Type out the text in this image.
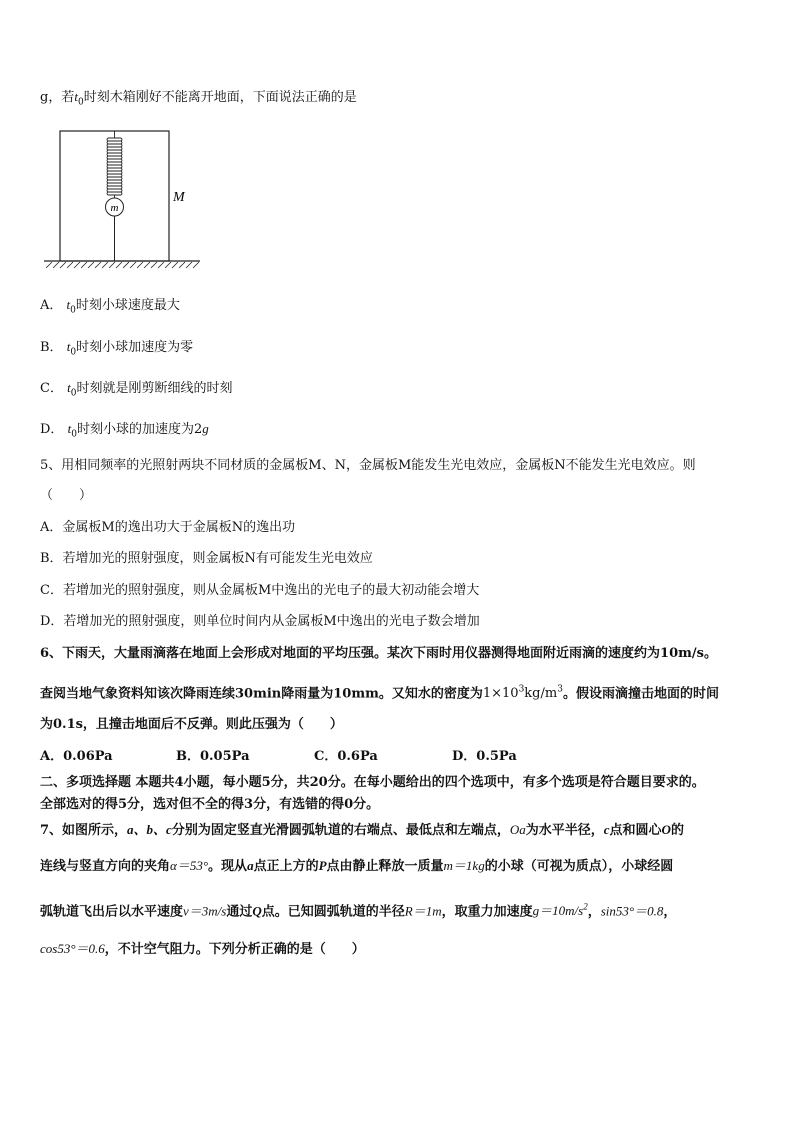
g，若$t_0$时刻木箱刚好不能离开地面，下面说法正确的是
m
M
A． $t_0$时刻小球速度最大
B． $t_0$时刻小球加速度为零
C． $t_0$时刻就是刚剪断细线的时刻
D． $t_0$时刻小球的加速度为2g
5、用相同频率的光照射两块不同材质的金属板M、N，金属板M能发生光电效应，金属板N不能发生光电效应。则
（　　）
A．金属板M的逸出功大于金属板N的逸出功
B．若增加光的照射强度，则金属板N有可能发生光电效应
C．若增加光的照射强度，则从金属板M中逸出的光电子的最大初动能会增大
D．若增加光的照射强度，则单位时间内从金属板M中逸出的光电子数会增加
6、下雨天，大量雨滴落在地面上会形成对地面的平均压强。某次下雨时用仪器测得地面附近雨滴的速度约为10m/s。
查阅当地气象资料知该次降雨连续30min降雨量为10mm。又知水的密度为$1\times 10^3kg/m^3$。假设雨滴撞击地面的时间
为0.1s，且撞击地面后不反弹。则此压强为（　　）
A．0.06Pa	B．0.05Pa	C．0.6Pa	D．0.5Pa
二、多项选择题 本题共4小题，每小题5分，共20分。在每小题给出的四个选项中，有多个选项是符合题目要求的。
全部选对的得5分，选对但不全的得3分，有选错的得0分。
7、如图所示，a、b、c分别为固定竖直光滑圆弧轨道的右端点、最低点和左端点，Oa为水平半径，c点和圆心O的
连线与竖直方向的夹角α＝53°。现从a点正上方的P点由静止释放一质量m＝1kg的小球（可视为质点），小球经圆
弧轨道飞出后以水平速度v＝3m/s通过Q点。已知圆弧轨道的半径R＝1m，取重力加速度$g=10m/s^2$，sin53°＝0.8，
cos53°＝0.6，不计空气阻力。下列分析正确的是（　　）
